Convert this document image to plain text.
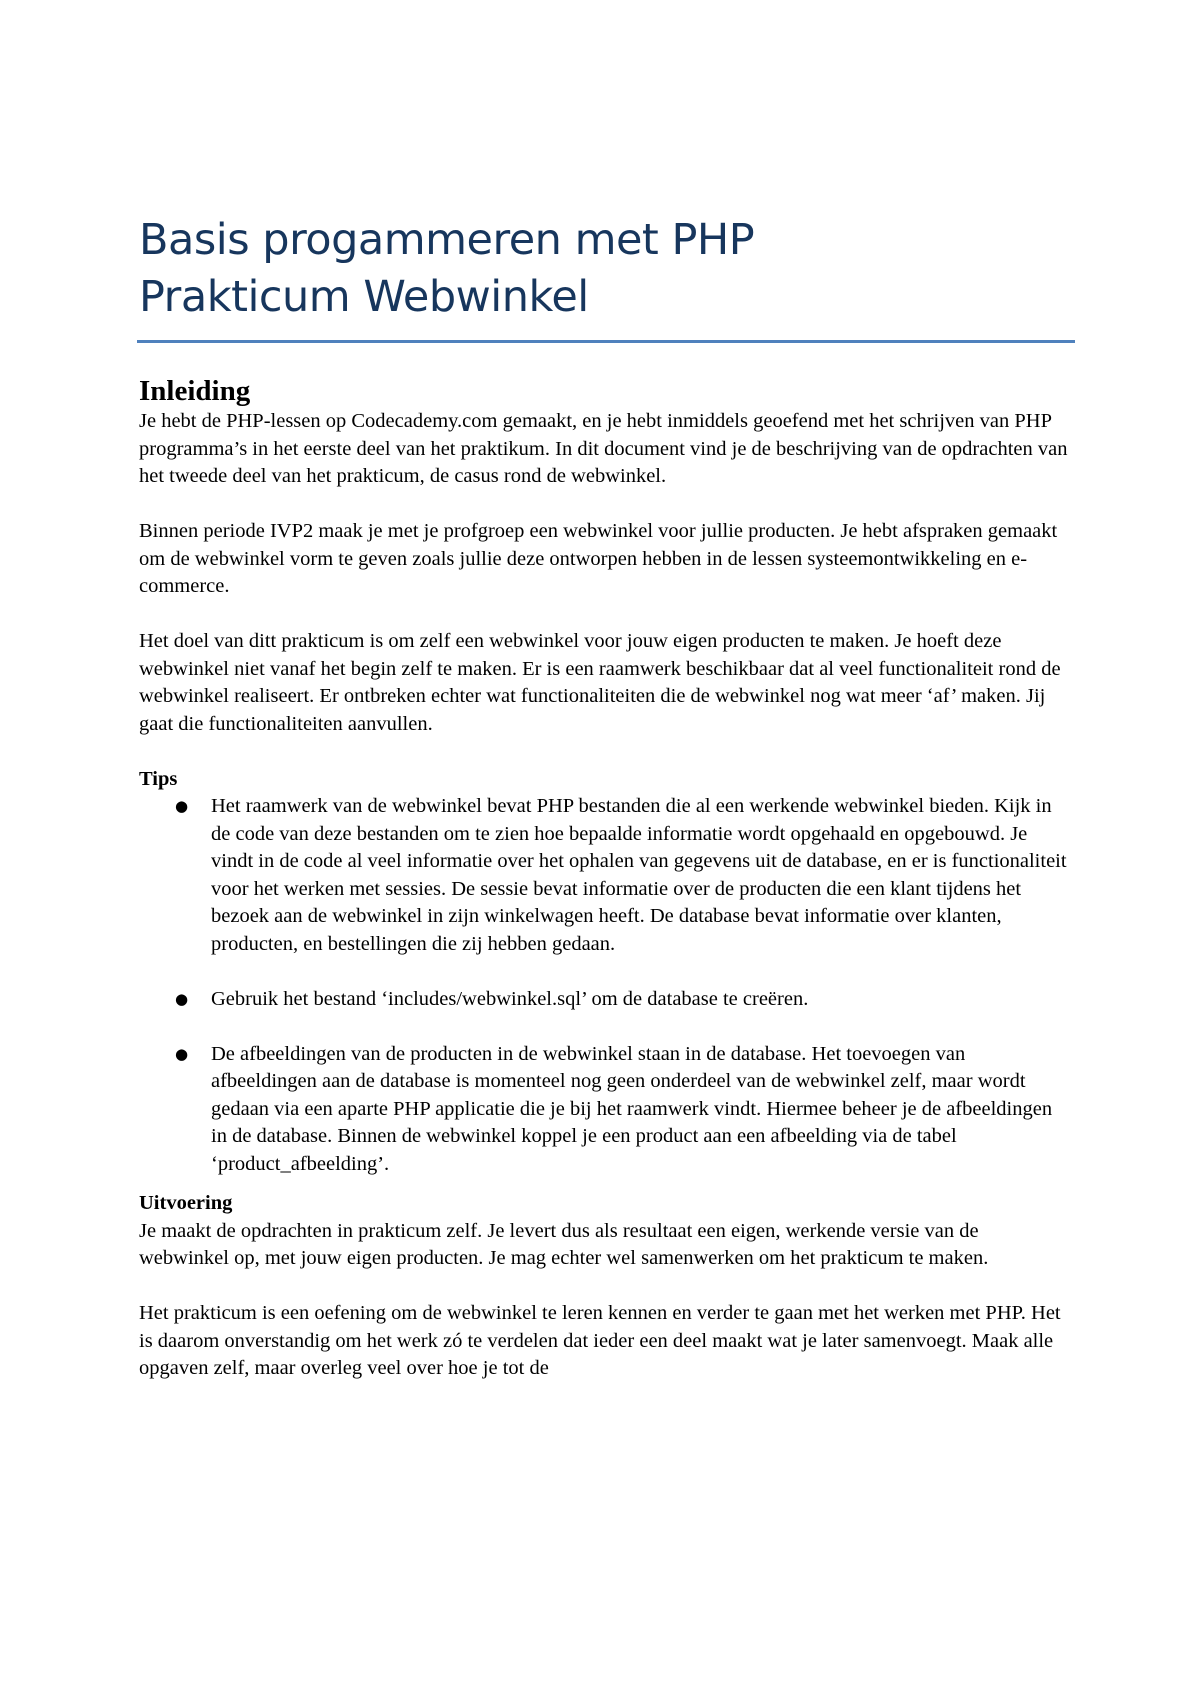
Basis progammeren met PHP
Prakticum Webwinkel
Inleiding

Je hebt de PHP-lessen op Codecademy.com gemaakt, en je hebt inmiddels geoefend met het schrijven van PHP programma’s in het eerste deel van het praktikum. In dit document vind je de beschrijving van de opdrachten van het tweede deel van het prakticum, de casus rond de webwinkel.

Binnen periode IVP2 maak je met je profgroep een webwinkel voor jullie producten. Je hebt afspraken gemaakt om de webwinkel vorm te geven zoals jullie deze ontworpen hebben in de lessen systeemontwikkeling en e-commerce.

Het doel van ditt prakticum is om zelf een webwinkel voor jouw eigen producten te maken. Je hoeft deze webwinkel niet vanaf het begin zelf te maken. Er is een raamwerk beschikbaar dat al veel functionaliteit rond de webwinkel realiseert. Er ontbreken echter wat functionaliteiten die de webwinkel nog wat meer ‘af’ maken. Jij gaat die functionaliteiten aanvullen.

Tips
● Het raamwerk van de webwinkel bevat PHP bestanden die al een werkende webwinkel bieden. Kijk in de code van deze bestanden om te zien hoe bepaalde informatie wordt opgehaald en opgebouwd. Je vindt in de code al veel informatie over het ophalen van gegevens uit de database, en er is functionaliteit voor het werken met sessies. De sessie bevat informatie over de producten die een klant tijdens het bezoek aan de webwinkel in zijn winkelwagen heeft. De database bevat informatie over klanten, producten, en bestellingen die zij hebben gedaan.
● Gebruik het bestand ‘includes/webwinkel.sql’ om de database te creëren.
● De afbeeldingen van de producten in de webwinkel staan in de database. Het toevoegen van afbeeldingen aan de database is momenteel nog geen onderdeel van de webwinkel zelf, maar wordt gedaan via een aparte PHP applicatie die je bij het raamwerk vindt. Hiermee beheer je de afbeeldingen in de database. Binnen de webwinkel koppel je een product aan een afbeelding via de tabel ‘product_afbeelding’.
Uitvoering

Je maakt de opdrachten in prakticum zelf. Je levert dus als resultaat een eigen, werkende versie van de webwinkel op, met jouw eigen producten. Je mag echter wel samenwerken om het prakticum te maken.

Het prakticum is een oefening om de webwinkel te leren kennen en verder te gaan met het werken met PHP. Het is daarom onverstandig om het werk zó te verdelen dat ieder een deel maakt wat je later samenvoegt. Maak alle opgaven zelf, maar overleg veel over hoe je tot de
